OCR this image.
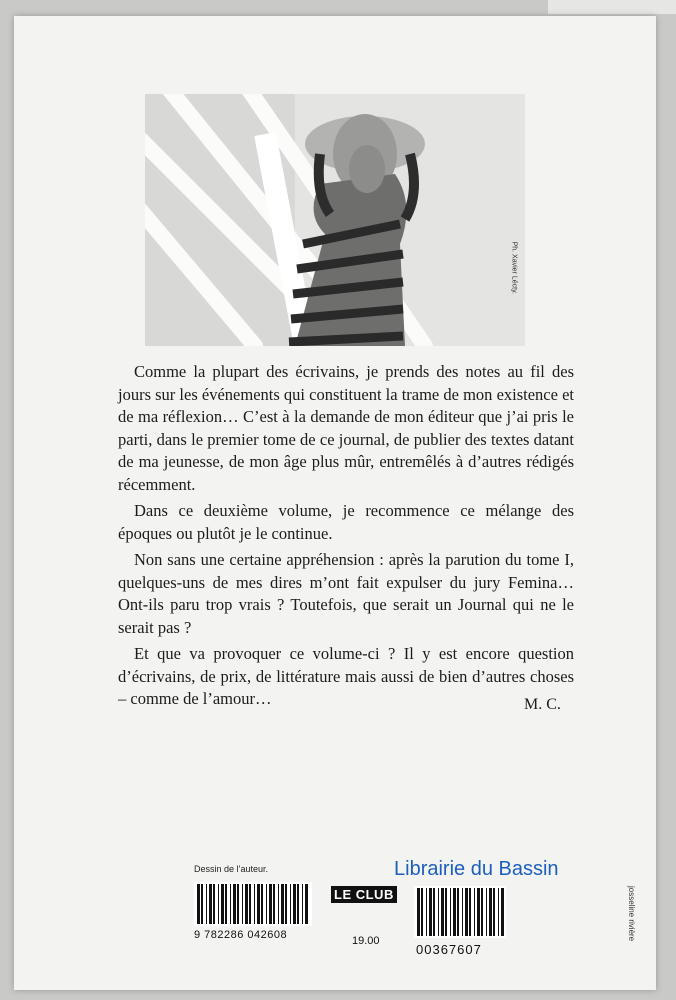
Ph. Xavier Lécty.

Comme la plupart des écrivains, je prends des notes au fil des jours sur les événements qui constituent la trame de mon existence et de ma réflexion… C’est à la demande de mon éditeur que j’ai pris le parti, dans le premier tome de ce journal, de publier des textes datant de ma jeunesse, de mon âge plus mûr, entremêlés à d’autres rédigés récemment.

Dans ce deuxième volume, je recommence ce mélange des époques ou plutôt je le continue.

Non sans une certaine appréhension : après la parution du tome I, quelques-uns de mes dires m’ont fait expulser du jury Femina… Ont-ils paru trop vrais ? Toutefois, que serait un Journal qui ne le serait pas ?

Et que va provoquer ce volume-ci ? Il y est encore question d’écrivains, de prix, de littérature mais aussi de bien d’autres choses – comme de l’amour…	M. C.
Dessin de l’auteur.	Librairie du Bassin
9 782286 042608
LE CLUB
19.00
00367607
josseline rivière
